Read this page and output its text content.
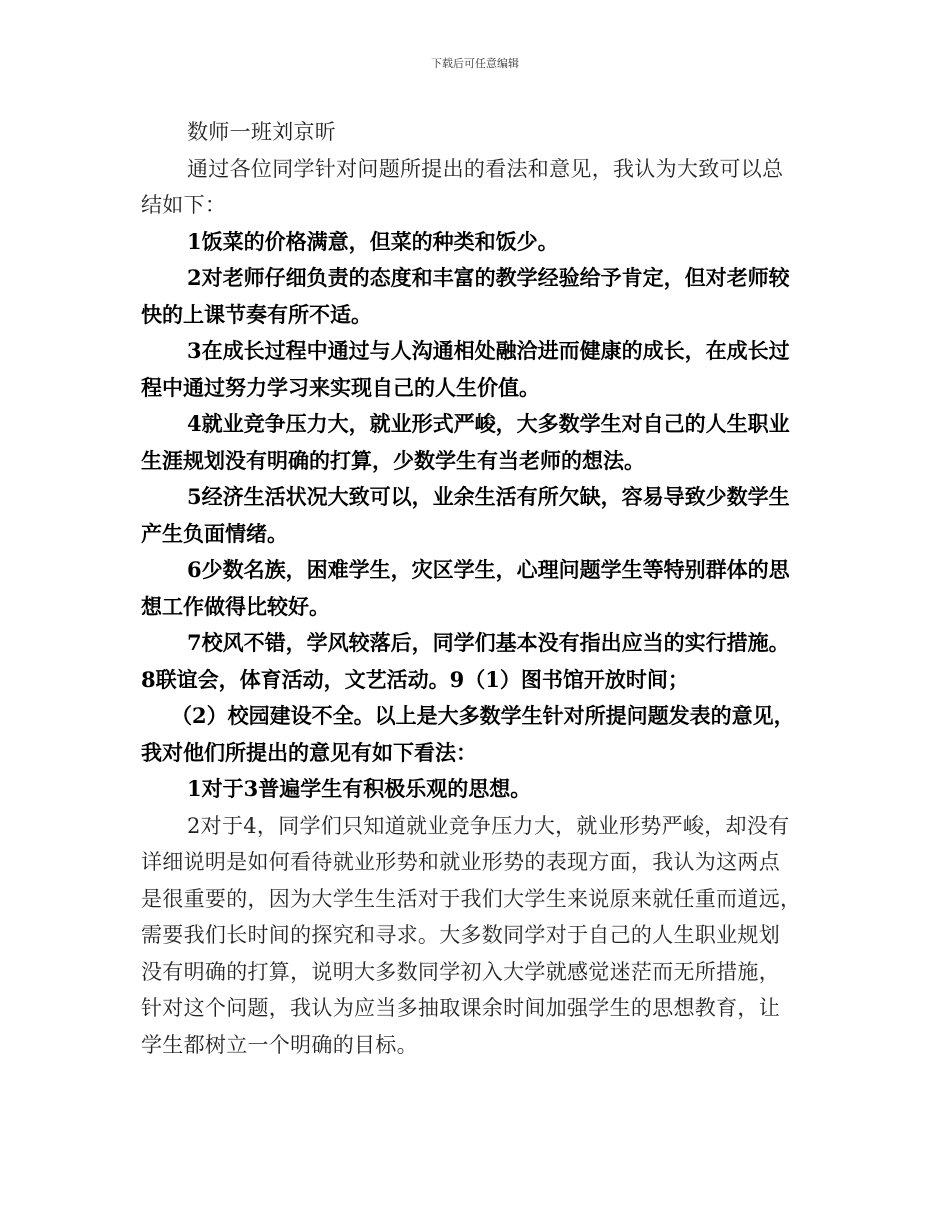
下载后可任意编辑
数师一班刘京昕
通过各位同学针对问题所提出的看法和意见，我认为大致可以总
结如下：
1饭菜的价格满意，但菜的种类和饭少。
2对老师仔细负责的态度和丰富的教学经验给予肯定，但对老师较
快的上课节奏有所不适。
3在成长过程中通过与人沟通相处融洽进而健康的成长，在成长过
程中通过努力学习来实现自己的人生价值。
4就业竞争压力大，就业形式严峻，大多数学生对自己的人生职业
生涯规划没有明确的打算，少数学生有当老师的想法。
5经济生活状况大致可以，业余生活有所欠缺，容易导致少数学生
产生负面情绪。
6少数名族，困难学生，灾区学生，心理问题学生等特别群体的思
想工作做得比较好。
7校风不错，学风较落后，同学们基本没有指出应当的实行措施。
8联谊会，体育活动，文艺活动。9（1）图书馆开放时间；
（2）校园建设不全。以上是大多数学生针对所提问题发表的意见，
我对他们所提出的意见有如下看法：
1对于3普遍学生有积极乐观的思想。
2对于4，同学们只知道就业竞争压力大，就业形势严峻，却没有
详细说明是如何看待就业形势和就业形势的表现方面，我认为这两点
是很重要的，因为大学生生活对于我们大学生来说原来就任重而道远，
需要我们长时间的探究和寻求。大多数同学对于自己的人生职业规划
没有明确的打算，说明大多数同学初入大学就感觉迷茫而无所措施，
针对这个问题，我认为应当多抽取课余时间加强学生的思想教育，让
学生都树立一个明确的目标。
